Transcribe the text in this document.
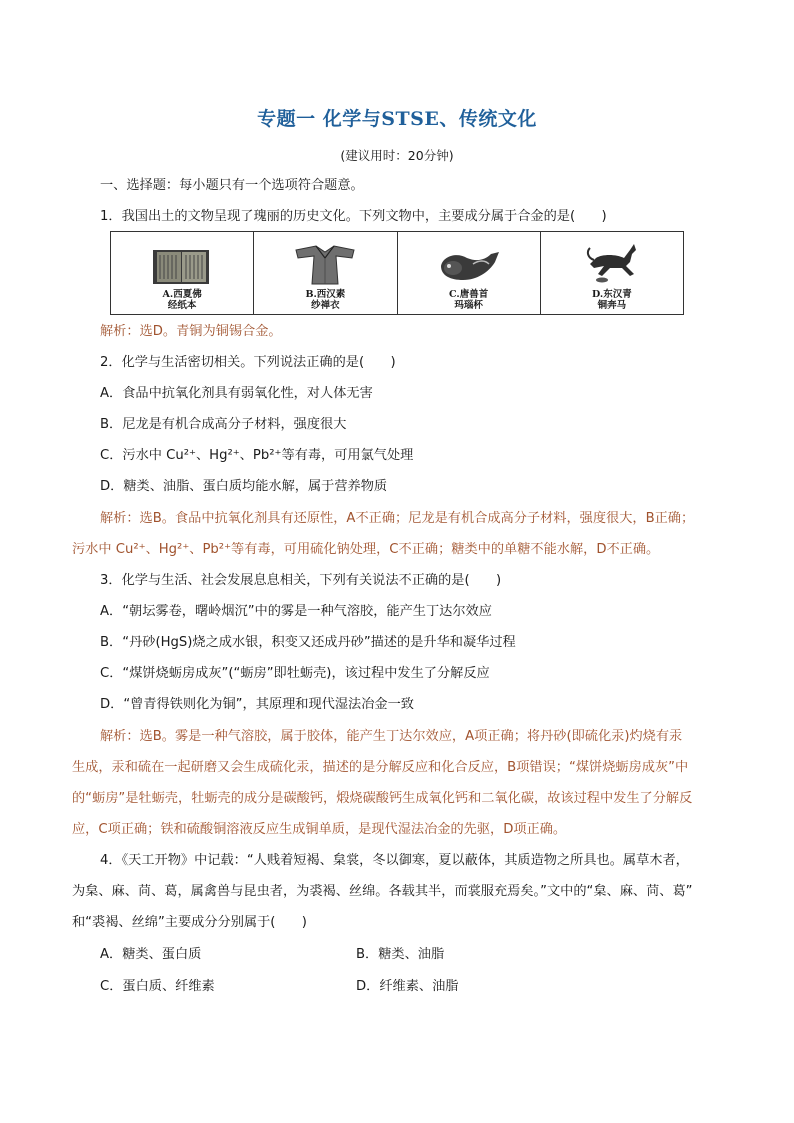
专题一 化学与STSE、传统文化
(建议用时：20分钟)
一、选择题：每小题只有一个选项符合题意。
1．我国出土的文物呈现了瑰丽的历史文化。下列文物中，主要成分属于合金的是(　　)
A.西夏佛
经纸本

B.西汉素
纱禅衣

C.唐兽首
玛瑙杯

D.东汉青
铜奔马
解析：选D。青铜为铜锡合金。
2．化学与生活密切相关。下列说法正确的是(　　)
A．食品中抗氧化剂具有弱氧化性，对人体无害
B．尼龙是有机合成高分子材料，强度很大
C．污水中 Cu²⁺、Hg²⁺、Pb²⁺等有毒，可用氯气处理
D．糖类、油脂、蛋白质均能水解，属于营养物质
解析：选B。食品中抗氧化剂具有还原性，A不正确；尼龙是有机合成高分子材料，强度很大，B正确；
污水中 Cu²⁺、Hg²⁺、Pb²⁺等有毒，可用硫化钠处理，C不正确；糖类中的单糖不能水解，D不正确。
3．化学与生活、社会发展息息相关，下列有关说法不正确的是(　　)
A．“朝坛雾卷，曙岭烟沉”中的雾是一种气溶胶，能产生丁达尔效应
B．“丹砂(HgS)烧之成水银，积变又还成丹砂”描述的是升华和凝华过程
C．“煤饼烧蛎房成灰”(“蛎房”即牡蛎壳)，该过程中发生了分解反应
D．“曾青得铁则化为铜”，其原理和现代湿法冶金一致
解析：选B。雾是一种气溶胶，属于胶体，能产生丁达尔效应，A项正确；将丹砂(即硫化汞)灼烧有汞
生成，汞和硫在一起研磨又会生成硫化汞，描述的是分解反应和化合反应，B项错误；“煤饼烧蛎房成灰”中
的“蛎房”是牡蛎壳，牡蛎壳的成分是碳酸钙，煅烧碳酸钙生成氧化钙和二氧化碳，故该过程中发生了分解反
应，C项正确；铁和硫酸铜溶液反应生成铜单质，是现代湿法冶金的先驱，D项正确。
4．《天工开物》中记载：“人贱着短褐、枲裳，冬以御寒，夏以蔽体，其质造物之所具也。属草木者，
为枲、麻、苘、葛，属禽兽与昆虫者，为裘褐、丝绵。各载其半，而裳服充焉矣。”文中的“枲、麻、苘、葛”
和“裘褐、丝绵”主要成分分别属于(　　)
A．糖类、蛋白质	B．糖类、油脂
C．蛋白质、纤维素	D．纤维素、油脂
